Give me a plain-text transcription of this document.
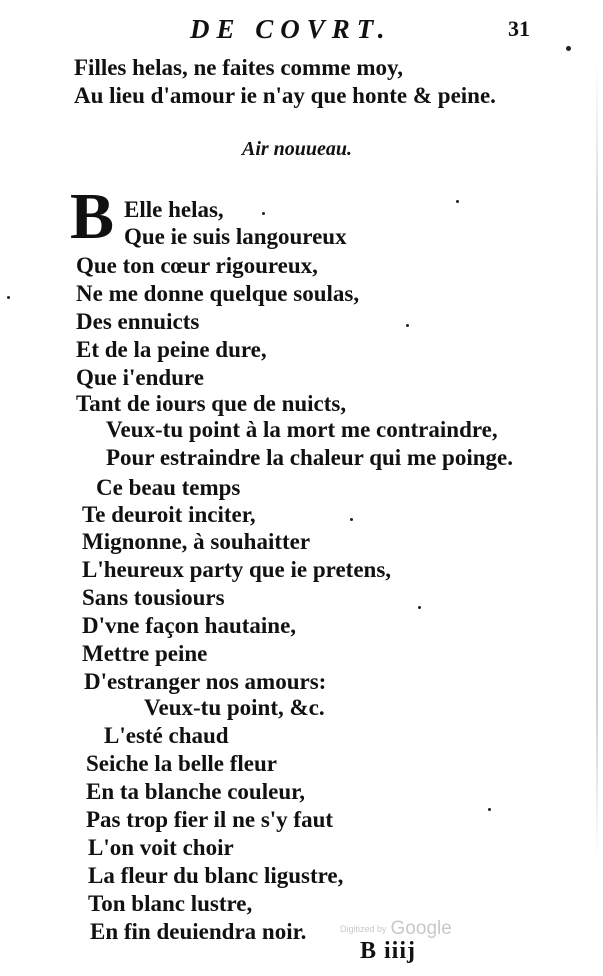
DE COVRT.	31
Filles helas, ne faites comme moy,
Au lieu d'amour ie n'ay que honte & peine.
Air nouueau.
B Elle helas,
Que ie suis langoureux
Que ton cœur rigoureux,
Ne me donne quelque soulas,
Des ennuicts
Et de la peine dure,
Que i'endure
Tant de iours que de nuicts,
Veux-tu point à la mort me contraindre,
Pour estraindre la chaleur qui me poinge.
Ce beau temps
Te deuroit inciter,
Mignonne, à souhaitter
L'heureux party que ie pretens,
Sans tousiours
D'vne façon hautaine,
Mettre peine
D'estranger nos amours:
Veux-tu point, &c.
L'esté chaud
Seiche la belle fleur
En ta blanche couleur,
Pas trop fier il ne s'y faut
L'on voit choir
La fleur du blanc ligustre,
Ton blanc lustre,
En fin deuiendra noir.	Digitized by Google
B iiij
